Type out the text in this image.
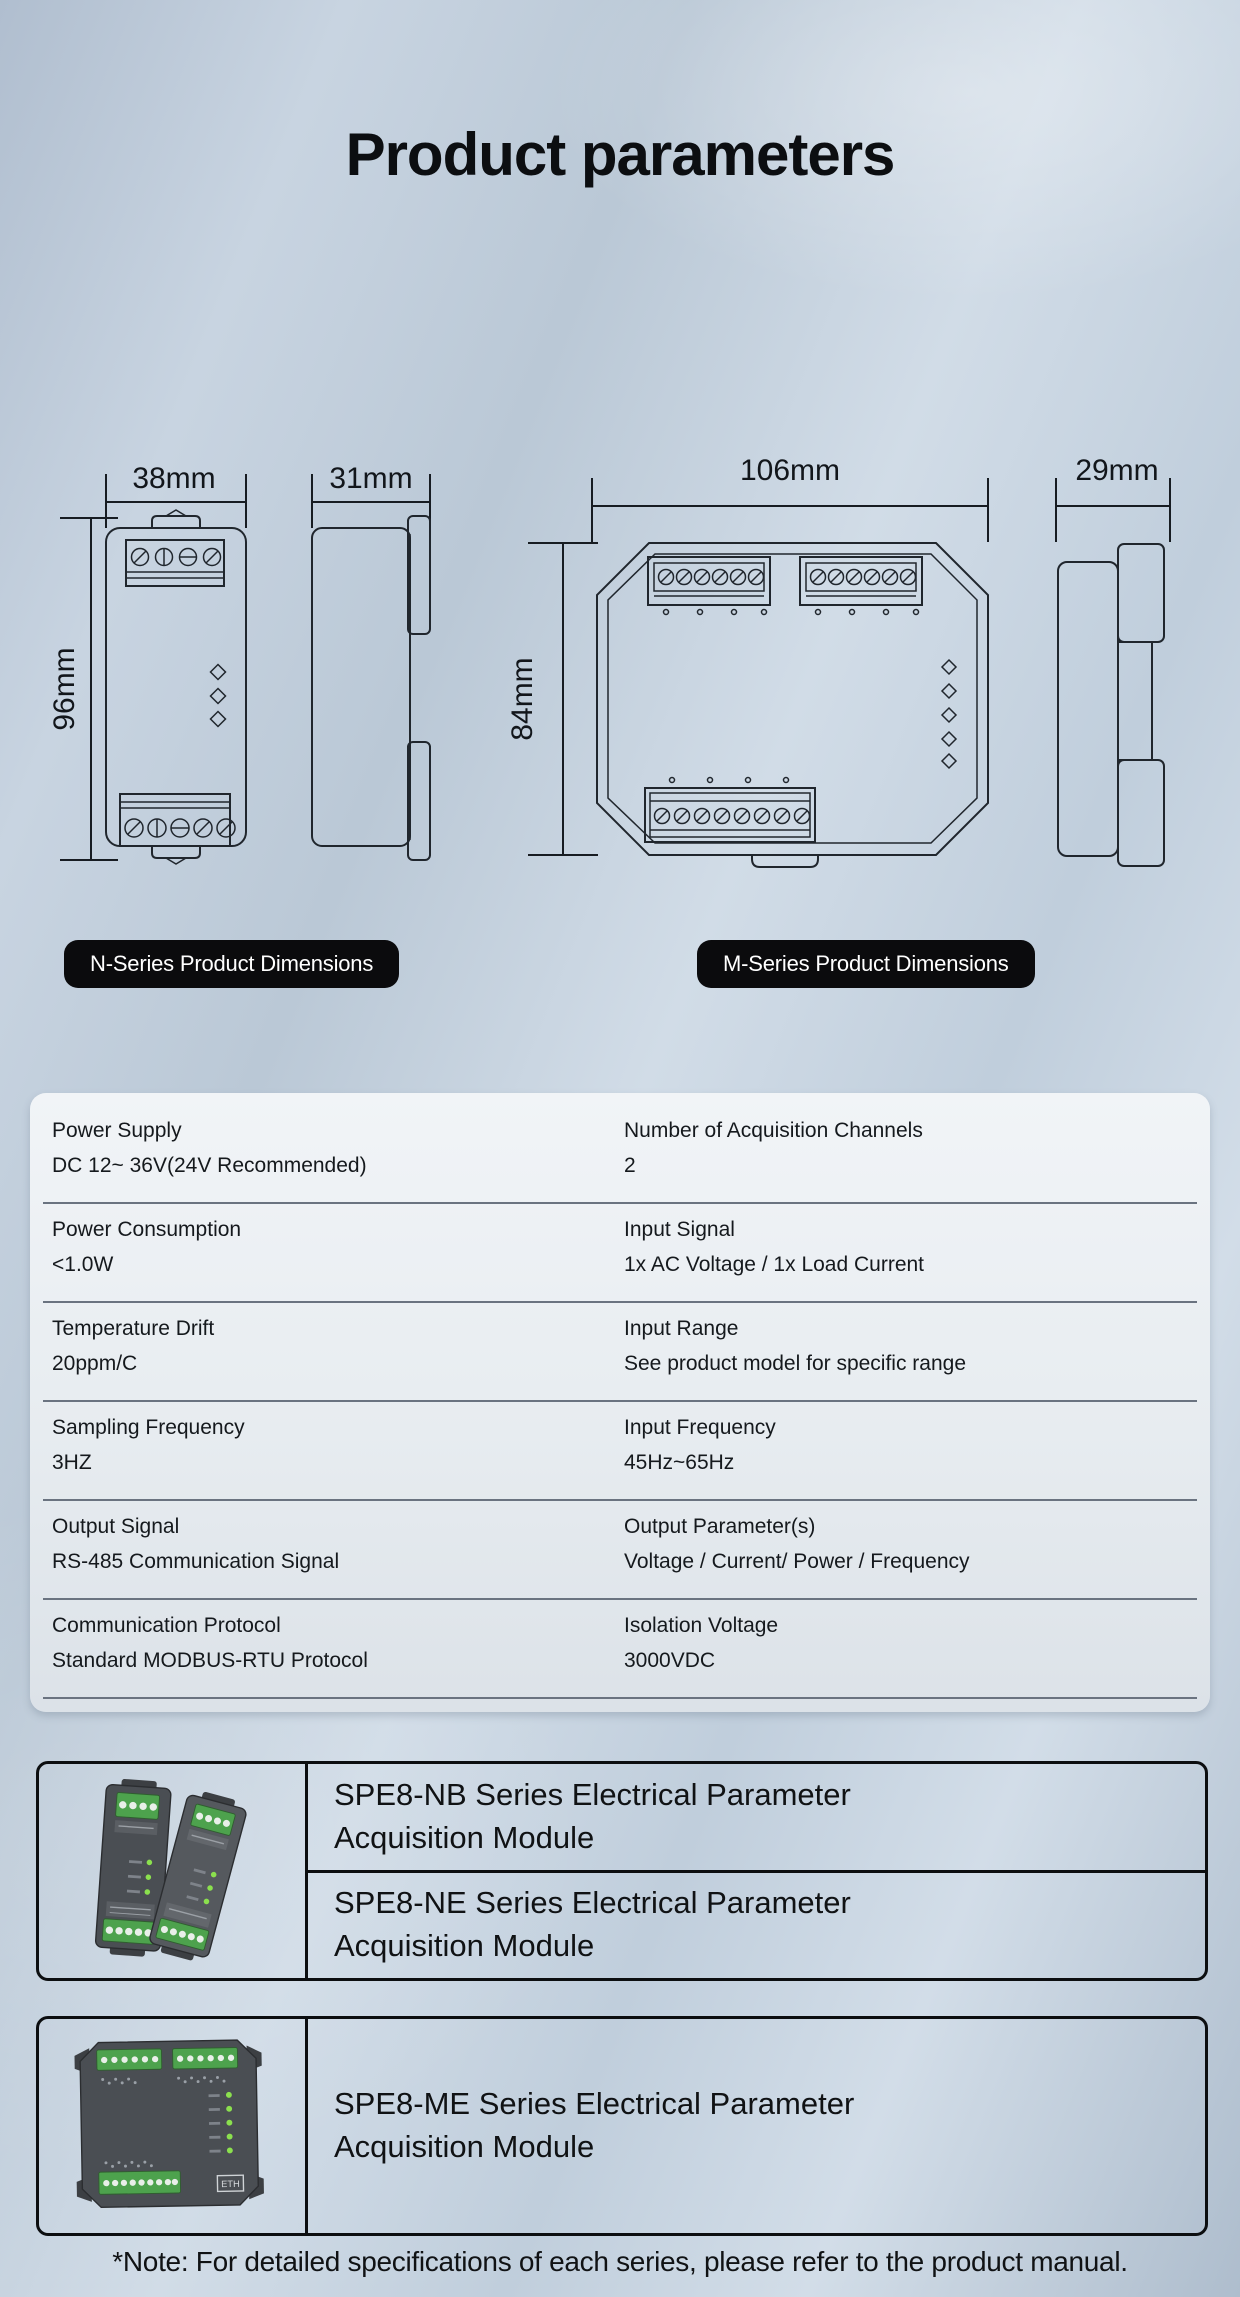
Product parameters
38mm
96mm
31mm	106mm
84mm
29mm
N-Series Product Dimensions	M-Series Product Dimensions
Power Supply
DC 12~ 36V(24V Recommended)
Number of Acquisition Channels
2
Power Consumption
<1.0W
Input Signal
1x AC Voltage / 1x Load Current
Temperature Drift
20ppm/C
Input Range
See product model for specific range
Sampling Frequency
3HZ
Input Frequency
45Hz~65Hz
Output Signal
RS-485 Communication Signal
Output Parameter(s)
Voltage / Current/ Power / Frequency
Communication Protocol
Standard MODBUS-RTU Protocol
Isolation Voltage
3000VDC
SPE8-NB Series Electrical Parameter Acquisition Module
SPE8-NE Series Electrical Parameter Acquisition Module
ETH
SPE8-ME Series Electrical Parameter Acquisition Module

*Note: For detailed specifications of each series, please refer to the product manual.
